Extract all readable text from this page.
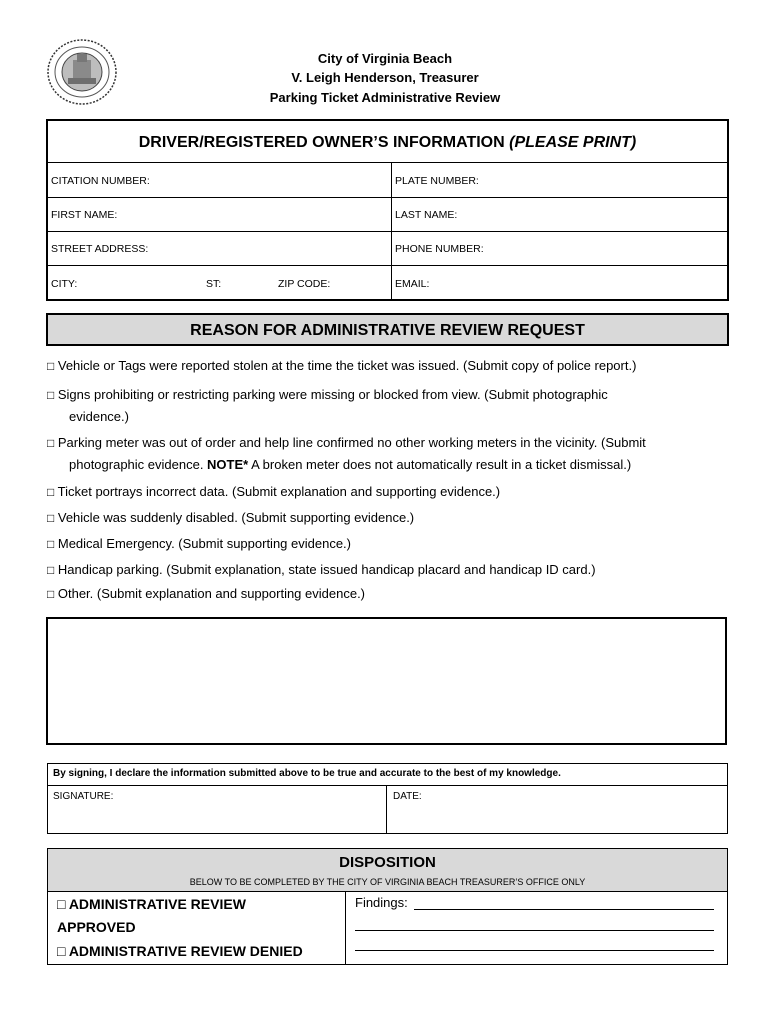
City of Virginia Beach
V. Leigh Henderson, Treasurer
Parking Ticket Administrative Review
DRIVER/REGISTERED OWNER’S INFORMATION (PLEASE PRINT)
CITATION NUMBER:	PLATE NUMBER:
FIRST NAME:	LAST NAME:
STREET ADDRESS:	PHONE NUMBER:
CITY:	ST:	ZIP CODE:	EMAIL:
REASON FOR ADMINISTRATIVE REVIEW REQUEST
□ Vehicle or Tags were reported stolen at the time the ticket was issued. (Submit copy of police report.)
□ Signs prohibiting or restricting parking were missing or blocked from view. (Submit photographic
evidence.)
□ Parking meter was out of order and help line confirmed no other working meters in the vicinity. (Submit
photographic evidence. NOTE* A broken meter does not automatically result in a ticket dismissal.)
□ Ticket portrays incorrect data. (Submit explanation and supporting evidence.)
□ Vehicle was suddenly disabled. (Submit supporting evidence.)
□ Medical Emergency. (Submit supporting evidence.)
□ Handicap parking. (Submit explanation, state issued handicap placard and handicap ID card.)
□ Other. (Submit explanation and supporting evidence.)
By signing, I declare the information submitted above to be true and accurate to the best of my knowledge.
SIGNATURE:	DATE:
DISPOSITION
BELOW TO BE COMPLETED BY THE CITY OF VIRGINIA BEACH TREASURER’S OFFICE ONLY
□ ADMINISTRATIVE REVIEW
APPROVED
□ ADMINISTRATIVE REVIEW DENIED
Findings:
